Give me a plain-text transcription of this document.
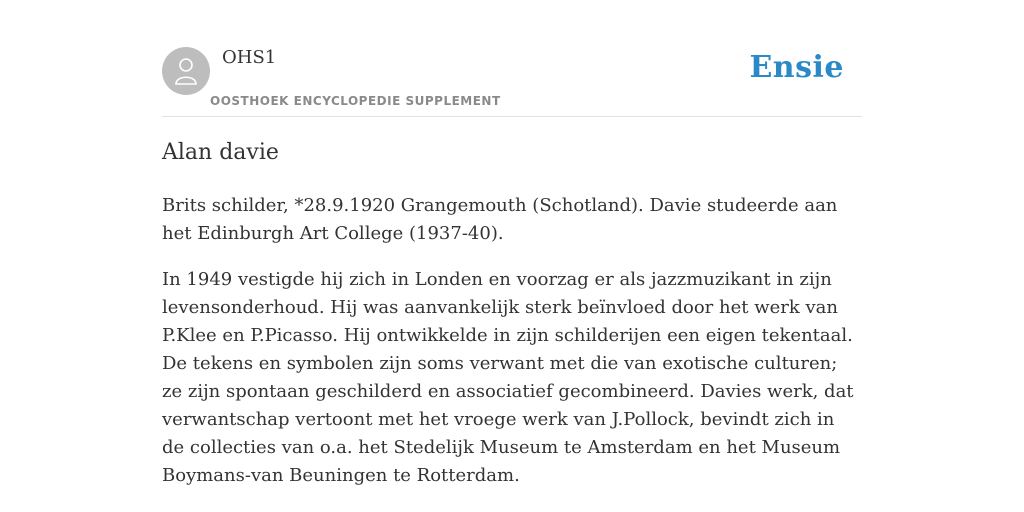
OHS1
OOSTHOEK ENCYCLOPEDIE SUPPLEMENT
Ensie
Alan davie

Brits schilder, *28.9.1920 Grangemouth (Schotland). Davie studeerde aan het Edinburgh Art College (1937-40).

In 1949 vestigde hij zich in Londen en voorzag er als jazzmuzikant in zijn levensonderhoud. Hij was aanvankelijk sterk beïnvloed door het werk van P.Klee en P.Picasso. Hij ontwikkelde in zijn schilderijen een eigen tekentaal. De tekens en symbolen zijn soms verwant met die van exotische culturen; ze zijn spontaan geschilderd en associatief gecombineerd. Davies werk, dat verwantschap vertoont met het vroege werk van J.Pollock, bevindt zich in de collecties van o.a. het Stedelijk Museum te Amsterdam en het Museum Boymans-van Beuningen te Rotterdam.
